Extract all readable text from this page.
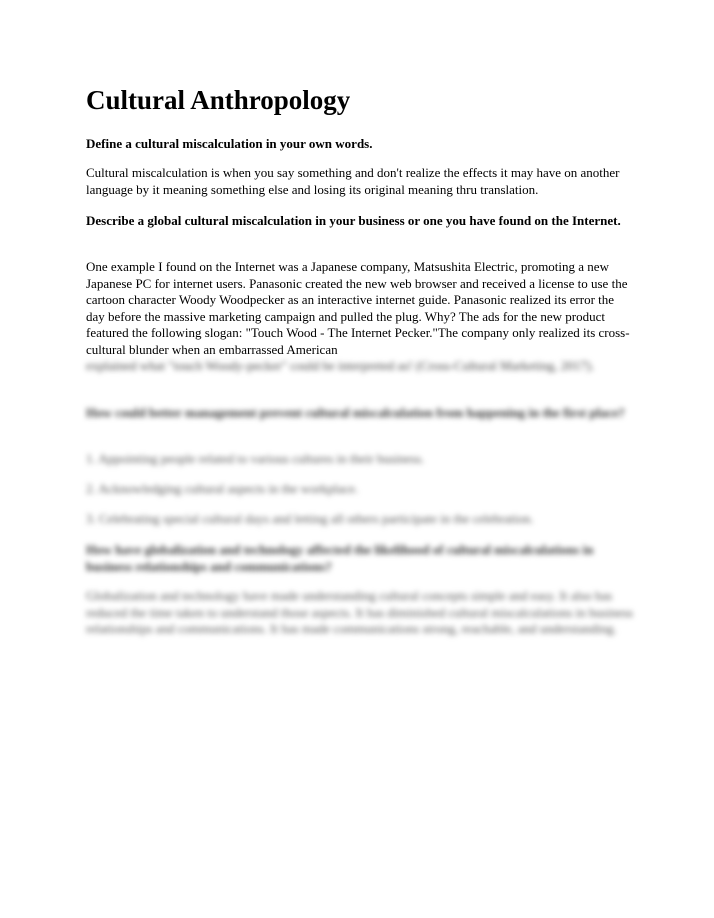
Cultural Anthropology

Define a cultural miscalculation in your own words.

Cultural miscalculation is when you say something and don't realize the effects it may have on another language by it meaning something else and losing its original meaning thru translation.

Describe a global cultural miscalculation in your business or one you have found on the Internet.

One example I found on the Internet was a Japanese company, Matsushita Electric, promoting a new Japanese PC for internet users. Panasonic created the new web browser and received a license to use the cartoon character Woody Woodpecker as an interactive internet guide. Panasonic realized its error the day before the massive marketing campaign and pulled the plug. Why? The ads for the new product featured the following slogan: "Touch Wood - The Internet Pecker."The company only realized its cross-cultural blunder when an embarrassed American

explained what "touch Woody-pecker" could be interpreted as! (Cross-Cultural Marketing, 2017).

How could better management prevent cultural miscalculation from happening in the first place?

1. Appointing people related to various cultures in their business.

2. Acknowledging cultural aspects in the workplace.

3. Celebrating special cultural days and letting all others participate in the celebration.

How have globalization and technology affected the likelihood of cultural miscalculations in business relationships and communications?

Globalization and technology have made understanding cultural concepts simple and easy. It also has reduced the time taken to understand those aspects. It has diminished cultural miscalculations in business relationships and communications. It has made communications strong, reachable, and understanding.
